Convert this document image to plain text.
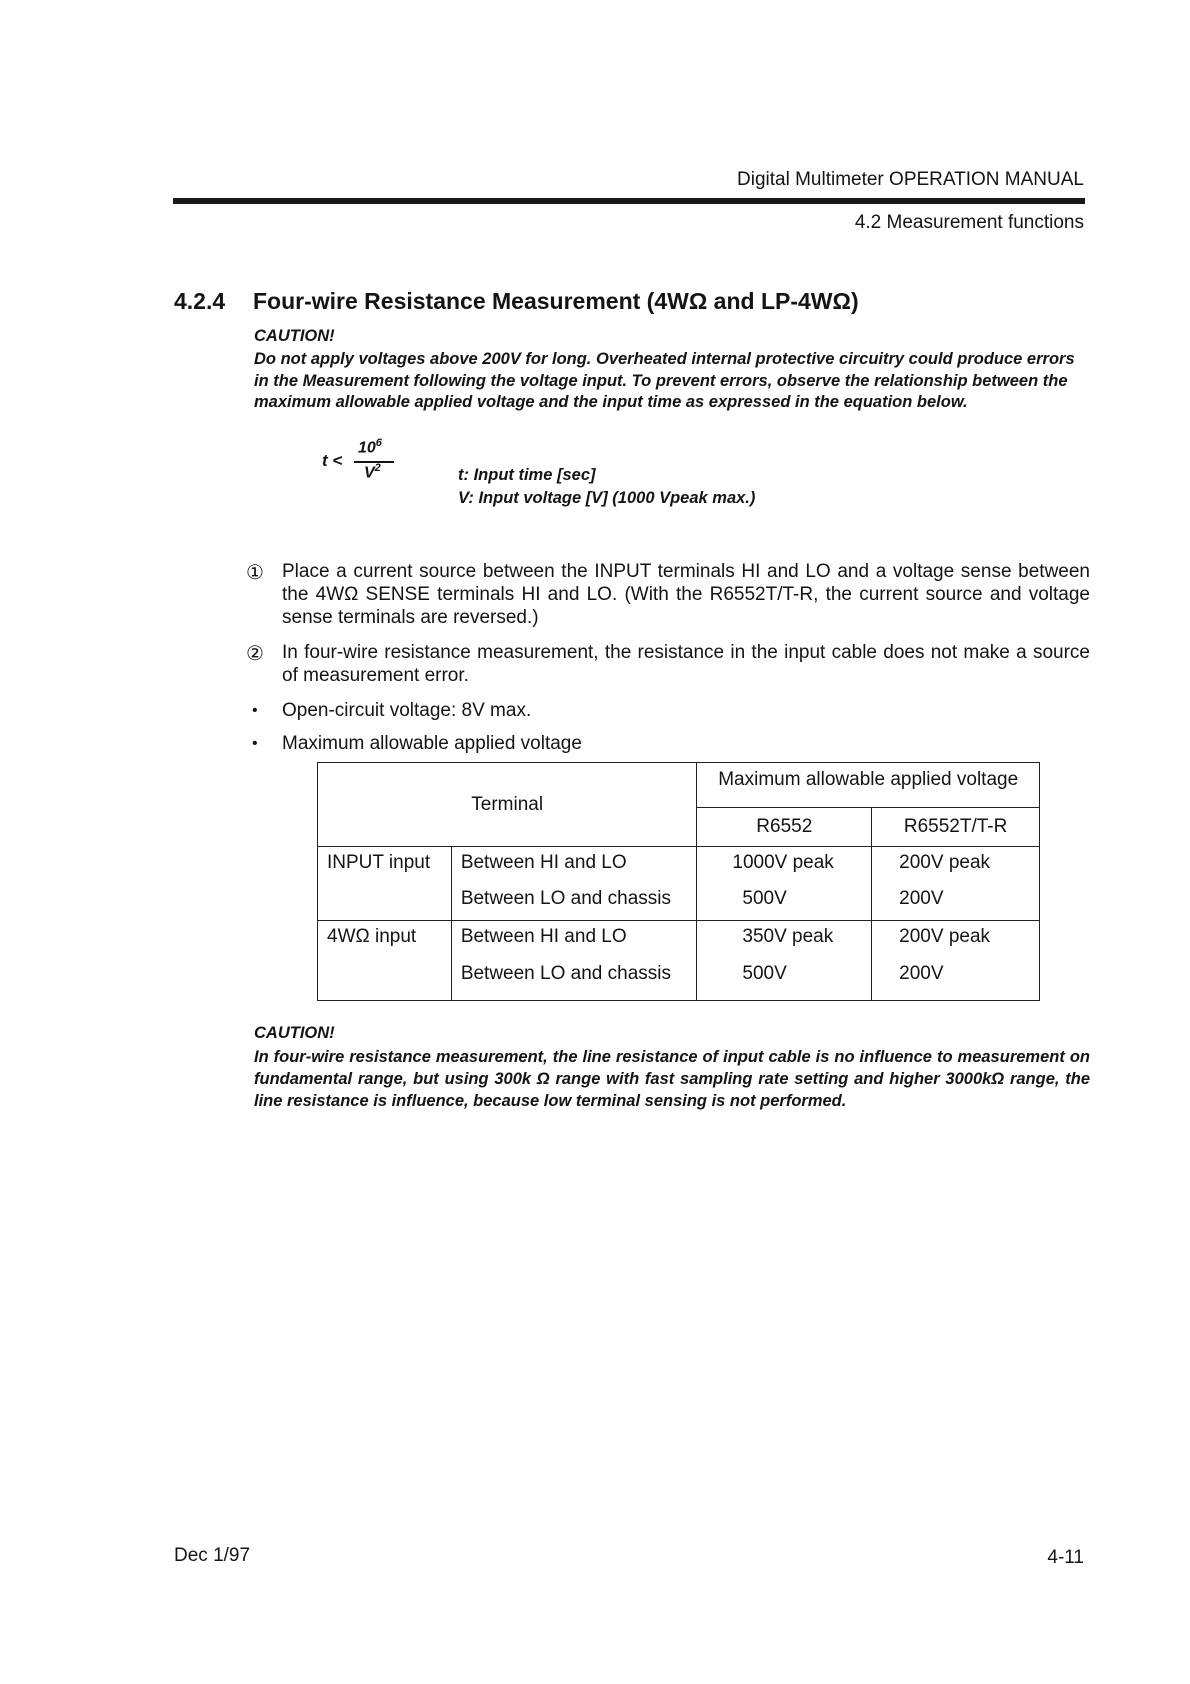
Digital Multimeter OPERATION MANUAL
4.2 Measurement functions
4.2.4 Four-wire Resistance Measurement (4WΩ and LP-4WΩ)
CAUTION!
Do not apply voltages above 200V for long. Overheated internal protective circuitry could produce errors in the Measurement following the voltage input. To prevent errors, observe the relationship between the maximum allowable applied voltage and the input time as expressed in the equation below.
t <
$10^6$
$V^2$	t: Input time [sec]
V: Input voltage [V] (1000 Vpeak max.)
① Place a current source between the INPUT terminals HI and LO and a voltage sense between the 4WΩ SENSE terminals HI and LO. (With the R6552T/T-R, the current source and voltage sense terminals are reversed.)
② In four-wire resistance measurement, the resistance in the input cable does not make a source of measurement error.
• Open-circuit voltage: 8V max.
• Maximum allowable applied voltage
Terminal		Maximum allowable applied voltage	
		R6552	R6552T/T-R
INPUT input	Between HI and LO	1000V peak	200V peak
	Between LO and chassis	500V	200V
4WΩ input	Between HI and LO	350V peak	200V peak
	Between LO and chassis	500V	200V
CAUTION!
In four-wire resistance measurement, the line resistance of input cable is no influence to measurement on fundamental range, but using 300k Ω range with fast sampling rate setting and higher 3000kΩ range, the line resistance is influence, because low terminal sensing is not performed.
Dec 1/97	4-11
